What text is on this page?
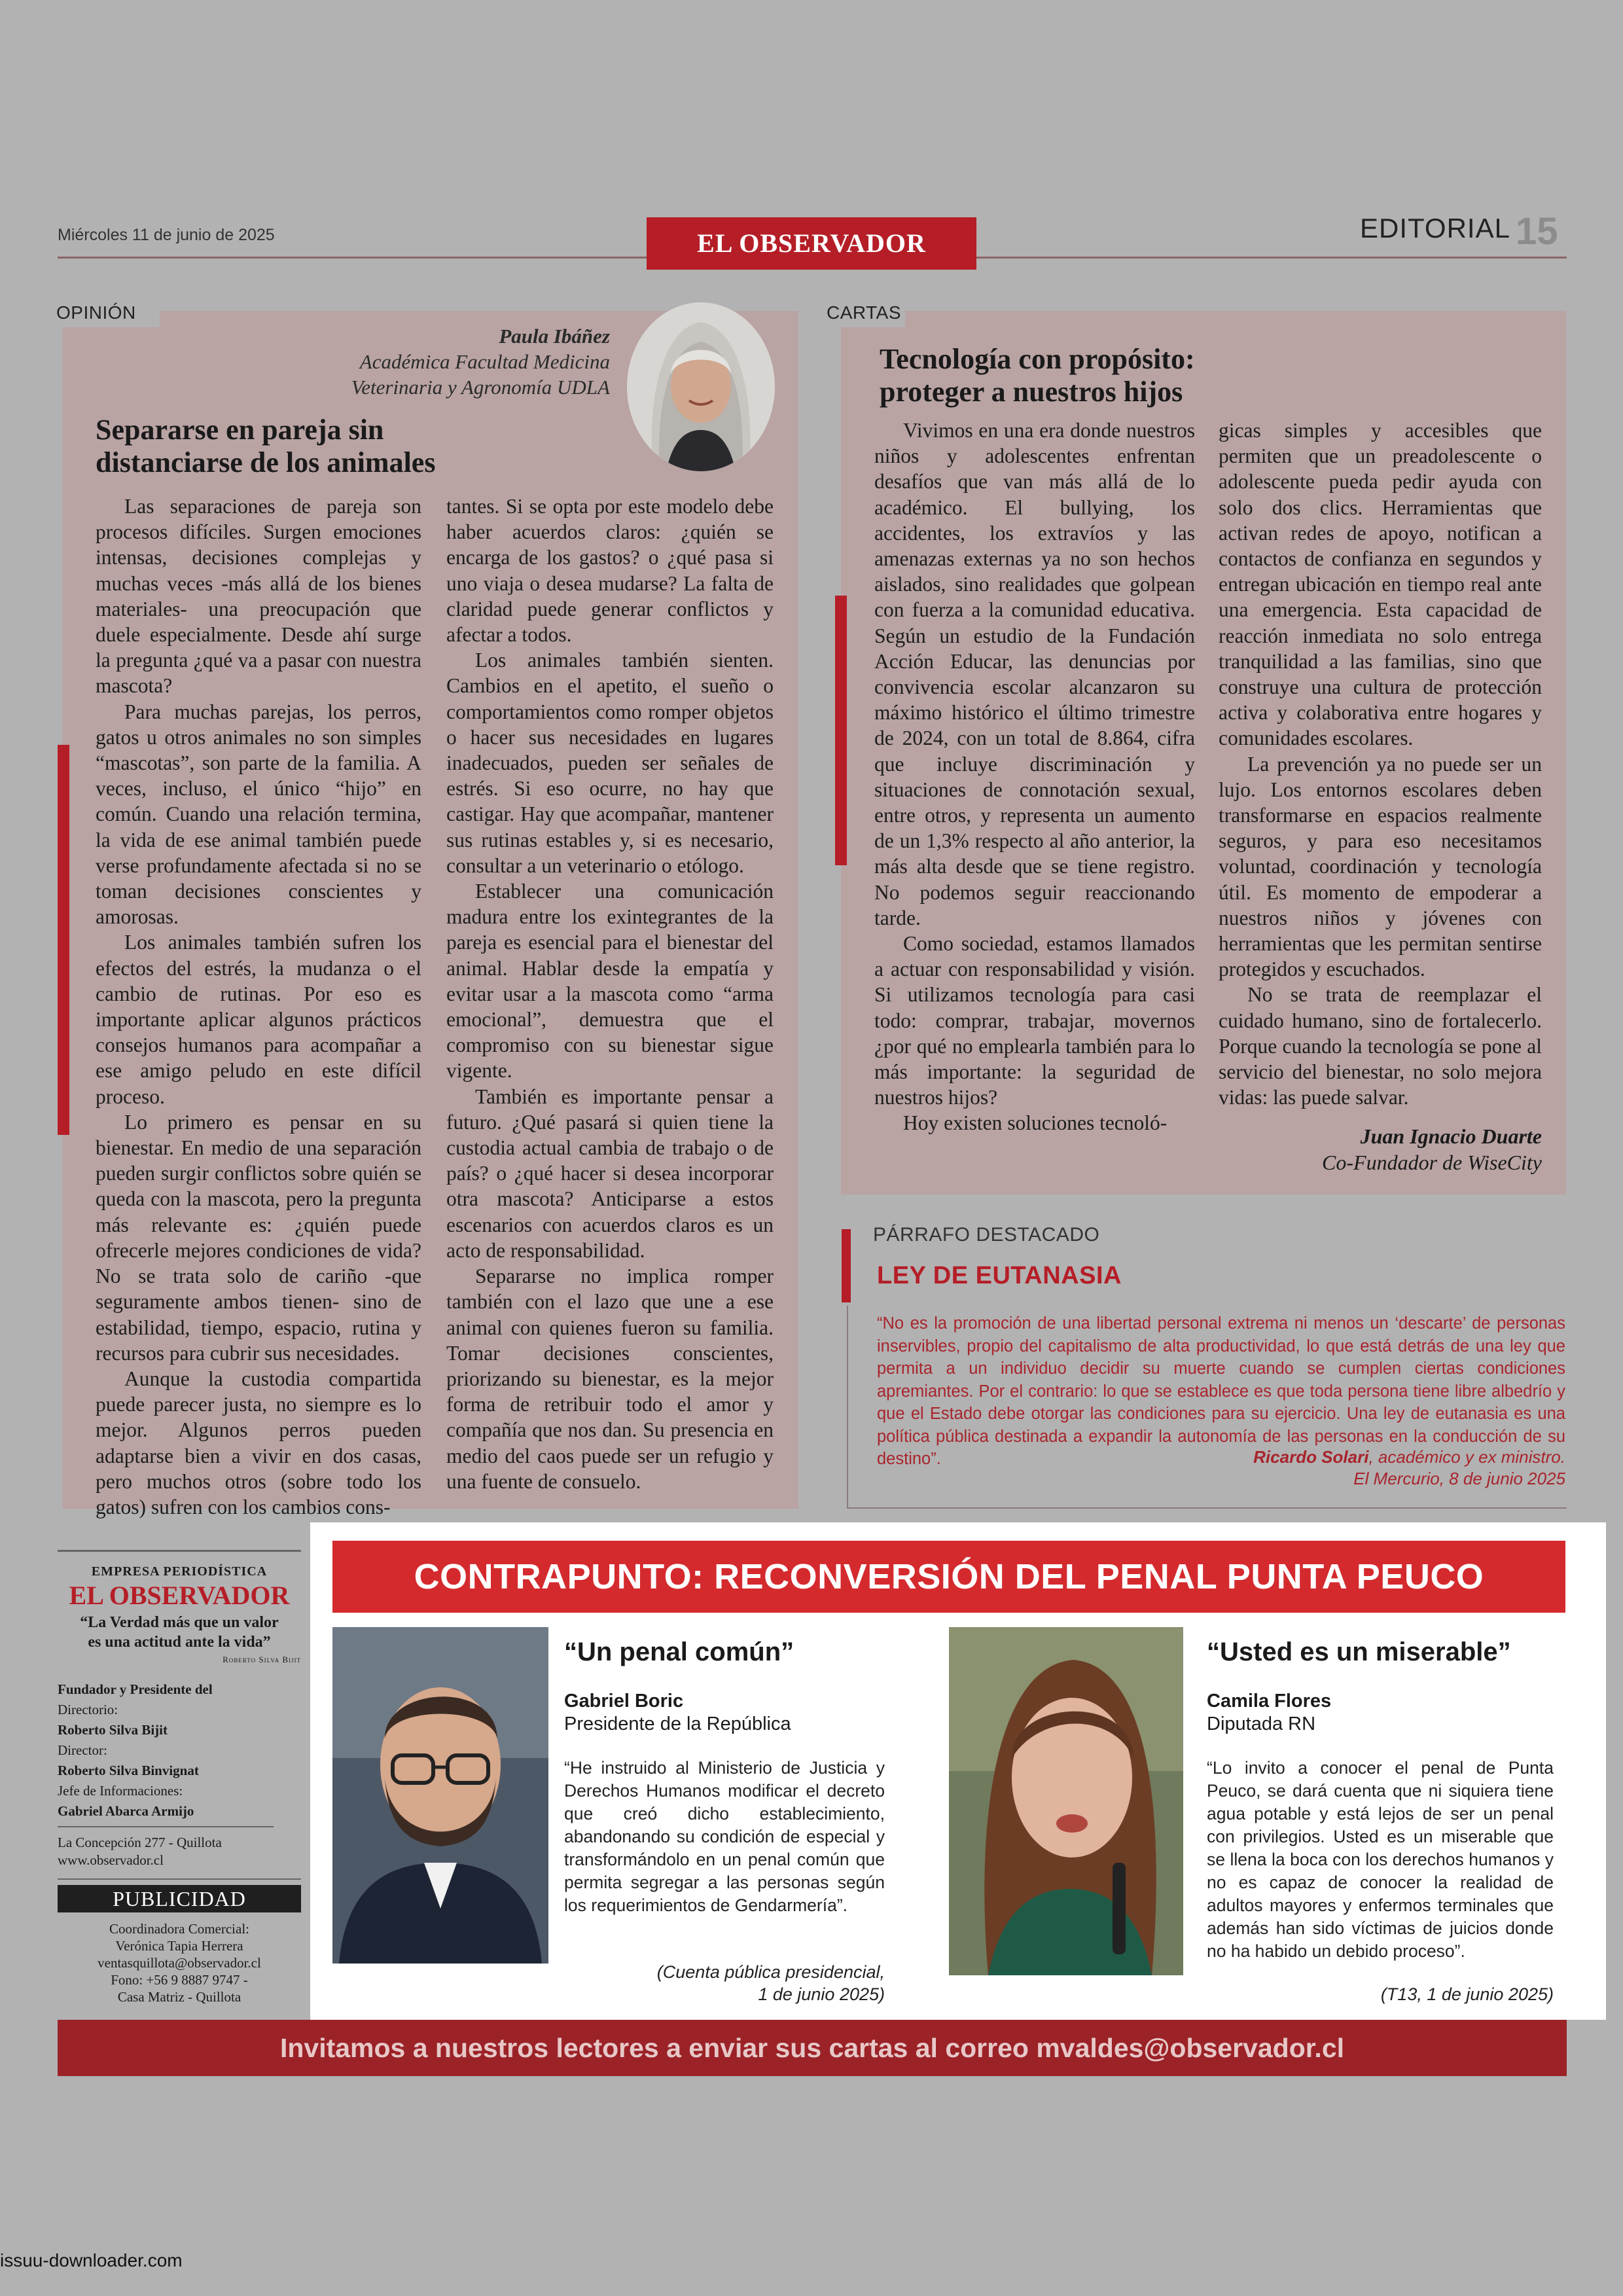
Miércoles 11 de junio de 2025	EL OBSERVADOR	EDITORIAL 15
OPINIÓN
Paula Ibáñez
Académica Facultad Medicina
Veterinaria y Agronomía UDLA
Separarse en pareja sin
distanciarse de los animales

Las separaciones de pareja son procesos difíciles. Surgen emociones intensas, decisiones complejas y muchas veces -más allá de los bienes materiales- una preocupación que duele especialmente. Desde ahí surge la pregunta ¿qué va a pasar con nuestra mascota?

Para muchas parejas, los perros, gatos u otros animales no son simples “mascotas”, son parte de la familia. A veces, incluso, el único “hijo” en común. Cuando una relación termina, la vida de ese animal también puede verse profundamente afectada si no se toman decisiones conscientes y amorosas.

Los animales también sufren los efectos del estrés, la mudanza o el cambio de rutinas. Por eso es importante aplicar algunos prácticos consejos humanos para acompañar a ese amigo peludo en este difícil proceso.

Lo primero es pensar en su bienestar. En medio de una separación pueden surgir conflictos sobre quién se queda con la mascota, pero la pregunta más relevante es: ¿quién puede ofrecerle mejores condiciones de vida? No se trata solo de cariño -que seguramente ambos tienen- sino de estabilidad, tiempo, espacio, rutina y recursos para cubrir sus necesidades.

Aunque la custodia compartida puede parecer justa, no siempre es lo mejor. Algunos perros pueden adaptarse bien a vivir en dos casas, pero muchos otros (sobre todo los gatos) sufren con los cambios cons-

tantes. Si se opta por este modelo debe haber acuerdos claros: ¿quién se encarga de los gastos? o ¿qué pasa si uno viaja o desea mudarse? La falta de claridad puede generar conflictos y afectar a todos.

Los animales también sienten. Cambios en el apetito, el sueño o comportamientos como romper objetos o hacer sus necesidades en lugares inadecuados, pueden ser señales de estrés. Si eso ocurre, no hay que castigar. Hay que acompañar, mantener sus rutinas estables y, si es necesario, consultar a un veterinario o etólogo.

Establecer una comunicación madura entre los exintegrantes de la pareja es esencial para el bienestar del animal. Hablar desde la empatía y evitar usar a la mascota como “arma emocional”, demuestra que el compromiso con su bienestar sigue vigente.

También es importante pensar a futuro. ¿Qué pasará si quien tiene la custodia actual cambia de trabajo o de país? o ¿qué hacer si desea incorporar otra mascota? Anticiparse a estos escenarios con acuerdos claros es un acto de responsabilidad.

Separarse no implica romper también con el lazo que une a ese animal con quienes fueron su familia. Tomar decisiones conscientes, priorizando su bienestar, es la mejor forma de retribuir todo el amor y compañía que nos dan. Su presencia en medio del caos puede ser un refugio y una fuente de consuelo.

CARTAS
Tecnología con propósito:
proteger a nuestros hijos

Vivimos en una era donde nuestros niños y adolescentes enfrentan desafíos que van más allá de lo académico. El bullying, los accidentes, los extravíos y las amenazas externas ya no son hechos aislados, sino realidades que golpean con fuerza a la comunidad educativa. Según un estudio de la Fundación Acción Educar, las denuncias por convivencia escolar alcanzaron su máximo histórico el último trimestre de 2024, con un total de 8.864, cifra que incluye discriminación y situaciones de connotación sexual, entre otros, y representa un aumento de un 1,3% respecto al año anterior, la más alta desde que se tiene registro. No podemos seguir reaccionando tarde.

Como sociedad, estamos llamados a actuar con responsabilidad y visión. Si utilizamos tecnología para casi todo: comprar, trabajar, movernos ¿por qué no emplearla también para lo más importante: la seguridad de nuestros hijos?

Hoy existen soluciones tecnoló-

gicas simples y accesibles que permiten que un preadolescente o adolescente pueda pedir ayuda con solo dos clics. Herramientas que activan redes de apoyo, notifican a contactos de confianza en segundos y entregan ubicación en tiempo real ante una emergencia. Esta capacidad de reacción inmediata no solo entrega tranquilidad a las familias, sino que construye una cultura de protección activa y colaborativa entre hogares y comunidades escolares.

La prevención ya no puede ser un lujo. Los entornos escolares deben transformarse en espacios realmente seguros, y para eso necesitamos voluntad, coordinación y tecnología útil. Es momento de empoderar a nuestros niños y jóvenes con herramientas que les permitan sentirse protegidos y escuchados.

No se trata de reemplazar el cuidado humano, sino de fortalecerlo. Porque cuando la tecnología se pone al servicio del bienestar, no solo mejora vidas: las puede salvar.

Juan Ignacio Duarte
Co-Fundador de WiseCity
PÁRRAFO DESTACADO
LEY DE EUTANASIA
“No es la promoción de una libertad personal extrema ni menos un ‘descarte’ de personas inservibles, propio del capitalismo de alta productividad, lo que está detrás de una ley que permita a un individuo decidir su muerte cuando se cumplen ciertas condiciones apremiantes. Por el contrario: lo que se establece es que toda persona tiene libre albedrío y que el Estado debe otorgar las condiciones para su ejercicio. Una ley de eutanasia es una política pública destinada a expandir la autonomía de las personas en la conducción de su destino”.	Ricardo Solari, académico y ex ministro.
El Mercurio, 8 de junio 2025
EMPRESA PERIODÍSTICA
EL OBSERVADOR
“La Verdad más que un valor
es una actitud ante la vida”
Roberto Silva Bijit
Fundador y Presidente del
Directorio:
Roberto Silva Bijit
Director:
Roberto Silva Binvignat
Jefe de Informaciones:
Gabriel Abarca Armijo
La Concepción 277 - Quillota
www.observador.cl
PUBLICIDAD
Coordinadora Comercial:
Verónica Tapia Herrera
ventasquillota@observador.cl
Fono: +56 9 8887 9747 -
Casa Matriz - Quillota
CONTRAPUNTO: RECONVERSIÓN DEL PENAL PUNTA PEUCO
“Un penal común”
Gabriel Boric
Presidente de la República
“He instruido al Ministerio de Justicia y Derechos Humanos modificar el decreto que creó dicho establecimiento, abandonando su condición de especial y transformándolo en un penal común que permita segregar a las personas según los requerimientos de Gendarmería”.
(Cuenta pública presidencial,
1 de junio 2025)
“Usted es un miserable”
Camila Flores
Diputada RN
“Lo invito a conocer el penal de Punta Peuco, se dará cuenta que ni siquiera tiene agua potable y está lejos de ser un penal con privilegios. Usted es un miserable que se llena la boca con los derechos humanos y no es capaz de conocer la realidad de adultos mayores y enfermos terminales que además han sido víctimas de juicios donde no ha habido un debido proceso”.
(T13, 1 de junio 2025)
Invitamos a nuestros lectores a enviar sus cartas al correo mvaldes@observador.cl
issuu-downloader.com
